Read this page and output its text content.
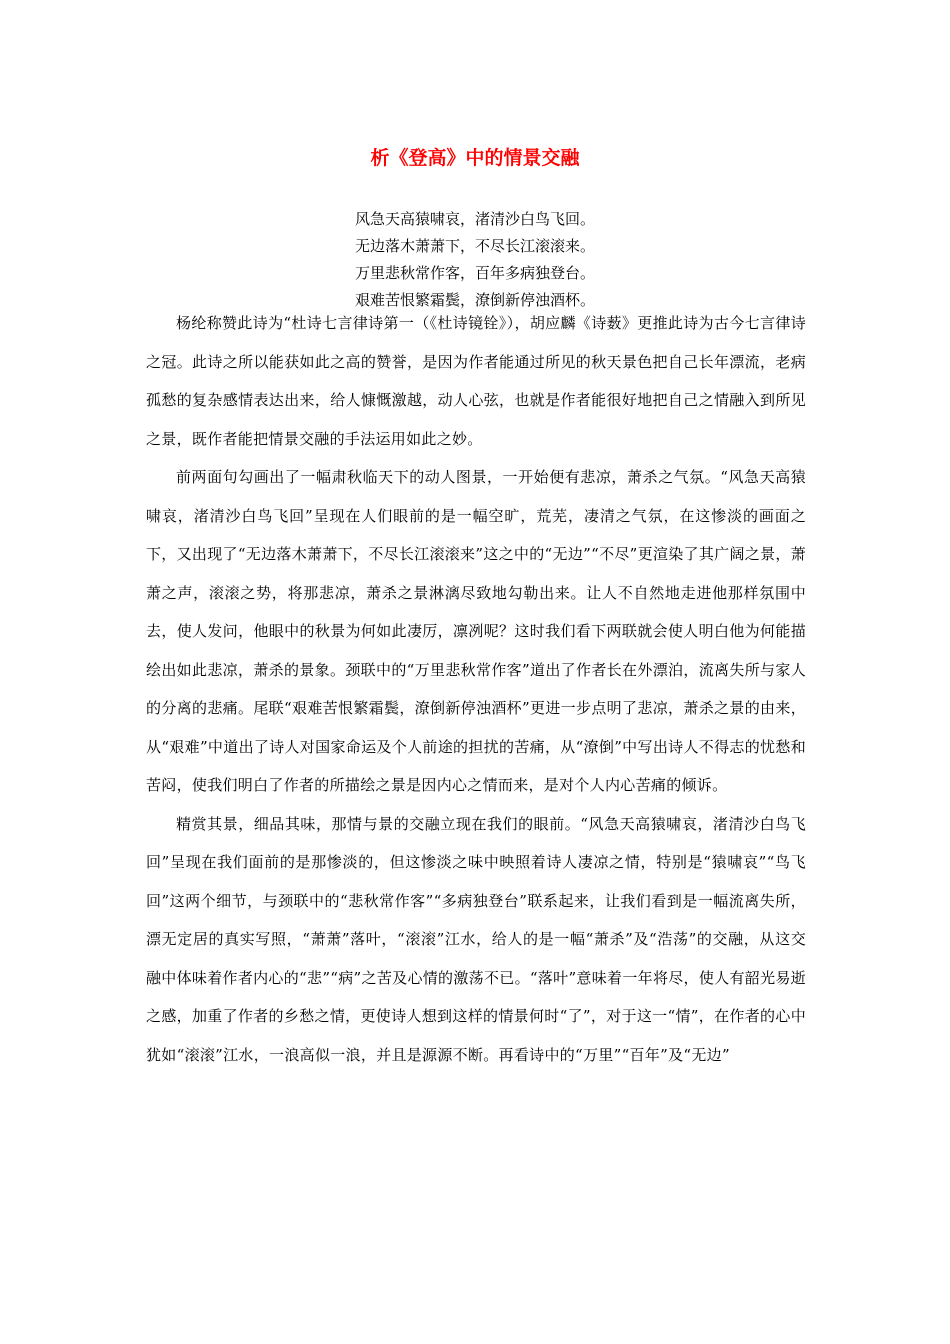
析《登高》中的情景交融
风急天高猿啸哀，渚清沙白鸟飞回。
无边落木萧萧下，不尽长江滚滚来。
万里悲秋常作客，百年多病独登台。
艰难苦恨繁霜鬓，潦倒新停浊酒杯。

杨纶称赞此诗为“杜诗七言律诗第一（《杜诗镜铨》），胡应麟《诗薮》更推此诗为古今七言律诗之冠。此诗之所以能获如此之高的赞誉，是因为作者能通过所见的秋天景色把自己长年漂流，老病孤愁的复杂感情表达出来，给人慷慨激越，动人心弦，也就是作者能很好地把自己之情融入到所见之景，既作者能把情景交融的手法运用如此之妙。

前两面句勾画出了一幅肃秋临天下的动人图景，一开始便有悲凉，萧杀之气氛。“风急天高猿啸哀，渚清沙白鸟飞回”呈现在人们眼前的是一幅空旷，荒芜，凄清之气氛，在这惨淡的画面之下，又出现了“无边落木萧萧下，不尽长江滚滚来”这之中的“无边”“不尽”更渲染了其广阔之景，萧萧之声，滚滚之势，将那悲凉，萧杀之景淋漓尽致地勾勒出来。让人不自然地走进他那样氛围中去，使人发问，他眼中的秋景为何如此凄厉，凛冽呢？这时我们看下两联就会使人明白他为何能描绘出如此悲凉，萧杀的景象。颈联中的“万里悲秋常作客”道出了作者长在外漂泊，流离失所与家人的分离的悲痛。尾联“艰难苦恨繁霜鬓，潦倒新停浊酒杯”更进一步点明了悲凉，萧杀之景的由来，从“艰难”中道出了诗人对国家命运及个人前途的担扰的苦痛，从“潦倒”中写出诗人不得志的忧愁和苦闷，使我们明白了作者的所描绘之景是因内心之情而来，是对个人内心苦痛的倾诉。

精赏其景，细品其味，那情与景的交融立现在我们的眼前。“风急天高猿啸哀，渚清沙白鸟飞回”呈现在我们面前的是那惨淡的，但这惨淡之味中映照着诗人凄凉之情，特别是“猿啸哀”“鸟飞回”这两个细节，与颈联中的“悲秋常作客”“多病独登台”联系起来，让我们看到是一幅流离失所，漂无定居的真实写照，“萧萧”落叶，“滚滚”江水，给人的是一幅“萧杀”及“浩荡”的交融，从这交融中体味着作者内心的“悲”“病”之苦及心情的激荡不已。“落叶”意味着一年将尽，使人有韶光易逝之感，加重了作者的乡愁之情，更使诗人想到这样的情景何时“了”，对于这一“情”，在作者的心中犹如“滚滚”江水，一浪高似一浪，并且是源源不断。再看诗中的“万里”“百年”及“无边”
